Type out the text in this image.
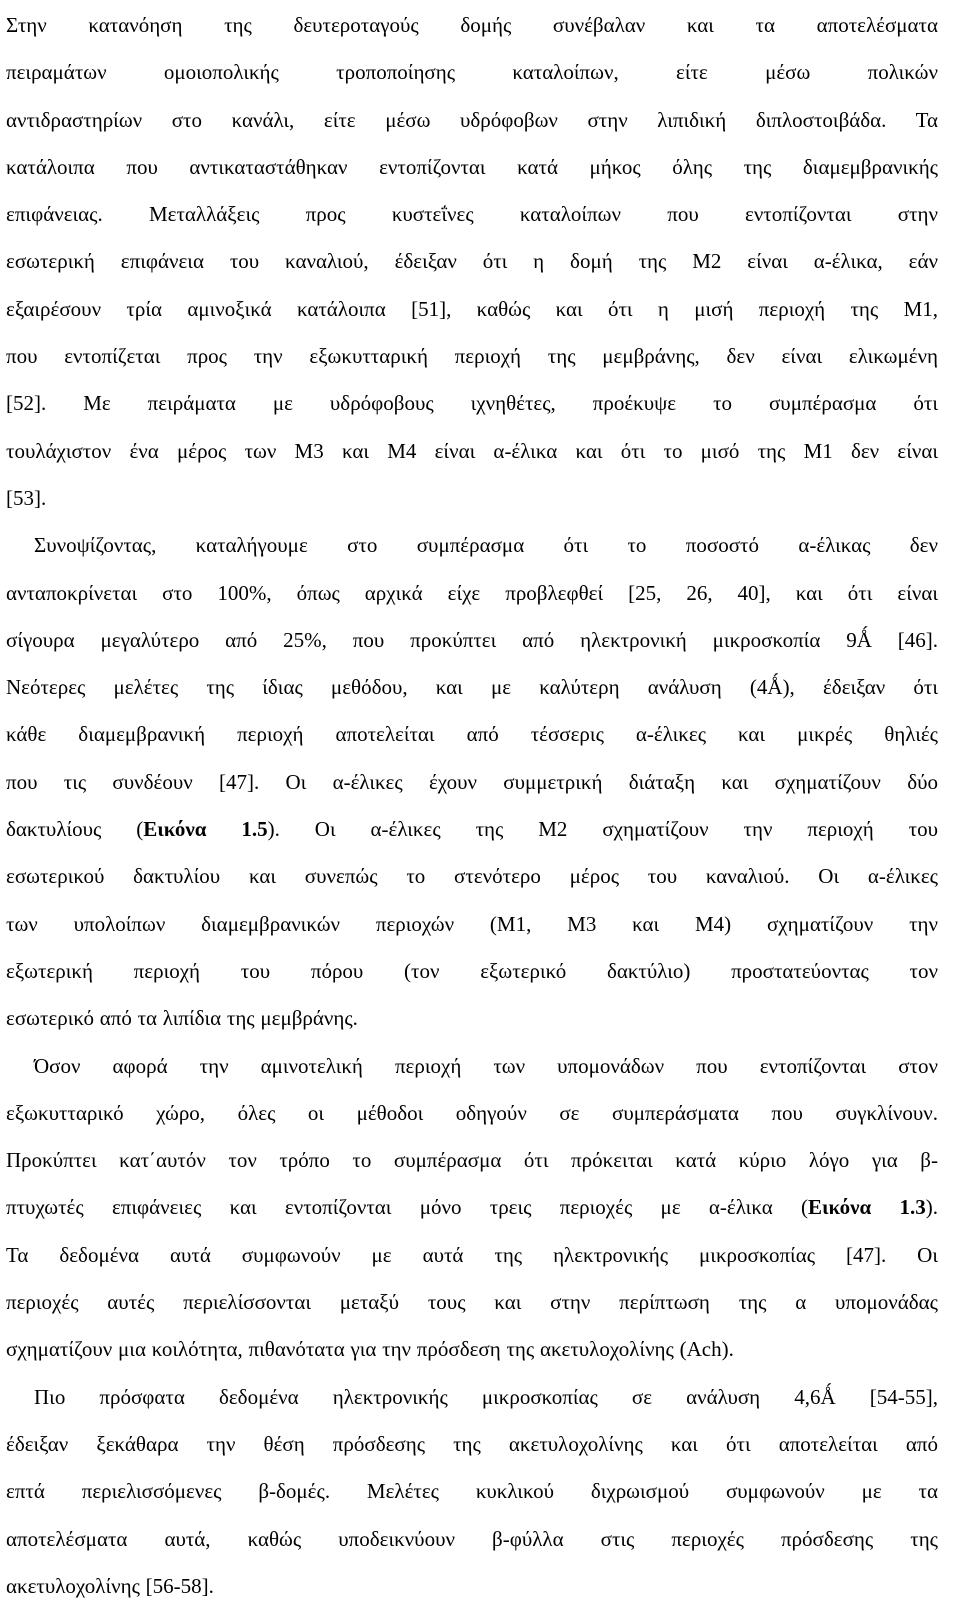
Στην κατανόηση της δευτεροταγούς δομής συνέβαλαν και τα αποτελέσματα
πειραμάτων ομοιοπολικής τροποποίησης καταλοίπων, είτε μέσω πολικών
αντιδραστηρίων στο κανάλι, είτε μέσω υδρόφοβων στην λιπιδική διπλοστοιβάδα. Τα
κατάλοιπα που αντικαταστάθηκαν εντοπίζονται κατά μήκος όλης της διαμεμβρανικής
επιφάνειας. Μεταλλάξεις προς κυστεΐνες καταλοίπων που εντοπίζονται στην
εσωτερική επιφάνεια του καναλιού, έδειξαν ότι η δομή της Μ2 είναι α-έλικα, εάν
εξαιρέσουν τρία αμινοξικά κατάλοιπα [51], καθώς και ότι η μισή περιοχή της Μ1,
που εντοπίζεται προς την εξωκυτταρική περιοχή της μεμβράνης, δεν είναι ελικωμένη
[52]. Με πειράματα με υδρόφοβους ιχνηθέτες, προέκυψε το συμπέρασμα ότι
τουλάχιστον ένα μέρος των Μ3 και Μ4 είναι α-έλικα και ότι το μισό της Μ1 δεν είναι
[53].
Συνοψίζοντας, καταλήγουμε στο συμπέρασμα ότι το ποσοστό α-έλικας δεν
ανταποκρίνεται στο 100%, όπως αρχικά είχε προβλεφθεί [25, 26, 40], και ότι είναι
σίγουρα μεγαλύτερο από 25%, που προκύπτει από ηλεκτρονική μικροσκοπία 9Ǻ [46].
Νεότερες μελέτες της ίδιας μεθόδου, και με καλύτερη ανάλυση (4Ǻ), έδειξαν ότι
κάθε διαμεμβρανική περιοχή αποτελείται από τέσσερις α-έλικες και μικρές θηλιές
που τις συνδέουν [47]. Οι α-έλικες έχουν συμμετρική διάταξη και σχηματίζουν δύο
δακτυλίους (Εικόνα 1.5). Οι α-έλικες της Μ2 σχηματίζουν την περιοχή του
εσωτερικού δακτυλίου και συνεπώς το στενότερο μέρος του καναλιού. Οι α-έλικες
των υπολοίπων διαμεμβρανικών περιοχών (Μ1, Μ3 και Μ4) σχηματίζουν την
εξωτερική περιοχή του πόρου (τον εξωτερικό δακτύλιο) προστατεύοντας τον
εσωτερικό από τα λιπίδια της μεμβράνης.
Όσον αφορά την αμινοτελική περιοχή των υπομονάδων που εντοπίζονται στον
εξωκυτταρικό χώρο, όλες οι μέθοδοι οδηγούν σε συμπεράσματα που συγκλίνουν.
Προκύπτει κατ΄αυτόν τον τρόπο το συμπέρασμα ότι πρόκειται κατά κύριο λόγο για β-
πτυχωτές επιφάνειες και εντοπίζονται μόνο τρεις περιοχές με α-έλικα (Εικόνα 1.3).
Τα δεδομένα αυτά συμφωνούν με αυτά της ηλεκτρονικής μικροσκοπίας [47]. Οι
περιοχές αυτές περιελίσσονται μεταξύ τους και στην περίπτωση της α υπομονάδας
σχηματίζουν μια κοιλότητα, πιθανότατα για την πρόσδεση της ακετυλοχολίνης (Ach).
Πιο πρόσφατα δεδομένα ηλεκτρονικής μικροσκοπίας σε ανάλυση 4,6Ǻ [54-55],
έδειξαν ξεκάθαρα την θέση πρόσδεσης της ακετυλοχολίνης και ότι αποτελείται από
επτά περιελισσόμενες β-δομές. Μελέτες κυκλικού διχρωισμού συμφωνούν με τα
αποτελέσματα αυτά, καθώς υποδεικνύουν β-φύλλα στις περιοχές πρόσδεσης της
ακετυλοχολίνης [56-58].
